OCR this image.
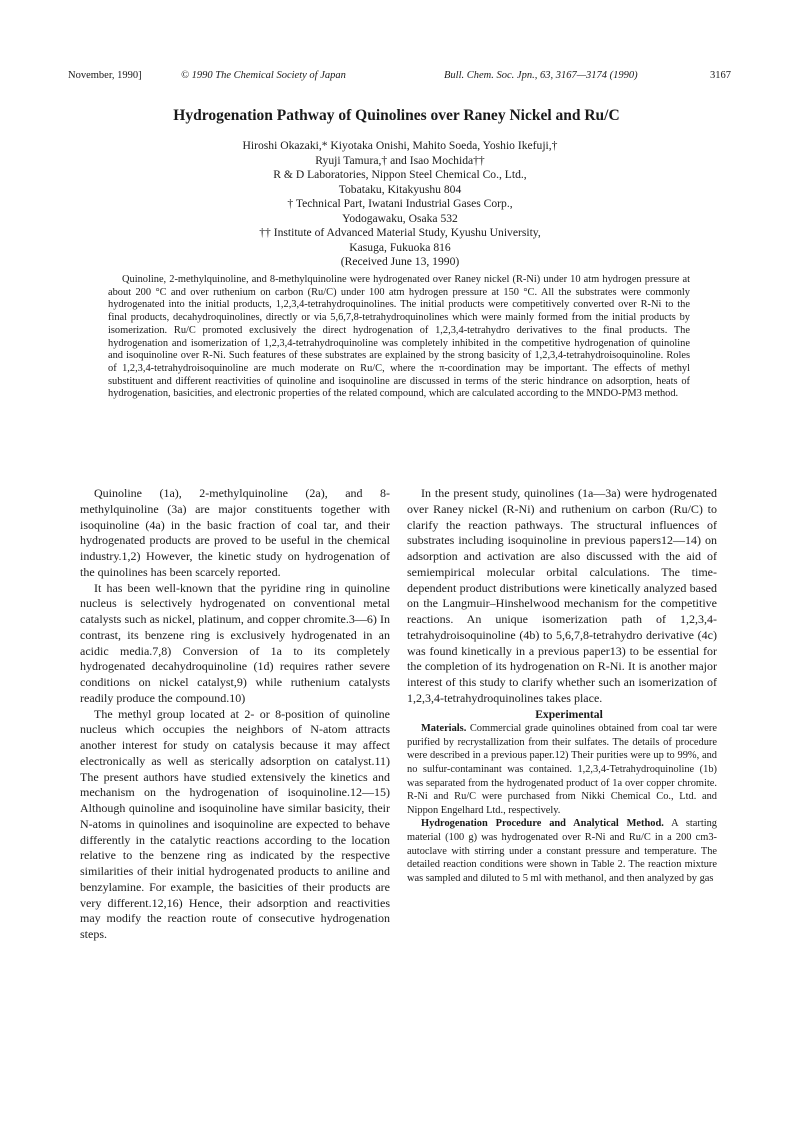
November, 1990]	© 1990 The Chemical Society of Japan	Bull. Chem. Soc. Jpn., 63, 3167—3174 (1990)	3167
Hydrogenation Pathway of Quinolines over Raney Nickel and Ru/C
Hiroshi Okazaki,* Kiyotaka Onishi, Mahito Soeda, Yoshio Ikefuji,†
Ryuji Tamura,† and Isao Mochida††
R & D Laboratories, Nippon Steel Chemical Co., Ltd.,
Tobataku, Kitakyushu 804
† Technical Part, Iwatani Industrial Gases Corp.,
Yodogawaku, Osaka 532
†† Institute of Advanced Material Study, Kyushu University,
Kasuga, Fukuoka 816
(Received June 13, 1990)
Quinoline, 2-methylquinoline, and 8-methylquinoline were hydrogenated over Raney nickel (R-Ni) under 10 atm hydrogen pressure at about 200 °C and over ruthenium on carbon (Ru/C) under 100 atm hydrogen pressure at 150 °C. All the substrates were commonly hydrogenated into the initial products, 1,2,3,4-tetrahydroquinolines. The initial products were competitively converted over R-Ni to the final products, decahydroquinolines, directly or via 5,6,7,8-tetrahydroquinolines which were mainly formed from the initial products by isomerization. Ru/C promoted exclusively the direct hydrogenation of 1,2,3,4-tetrahydro derivatives to the final products. The hydrogenation and isomerization of 1,2,3,4-tetrahydroquinoline was completely inhibited in the competitive hydrogenation of quinoline and isoquinoline over R-Ni. Such features of these substrates are explained by the strong basicity of 1,2,3,4-tetrahydroisoquinoline. Roles of 1,2,3,4-tetrahydroisoquinoline are much moderate on Ru/C, where the π-coordination may be important. The effects of methyl substituent and different reactivities of quinoline and isoquinoline are discussed in terms of the steric hindrance on adsorption, heats of hydrogenation, basicities, and electronic properties of the related compound, which are calculated according to the MNDO-PM3 method.

Quinoline (1a), 2-methylquinoline (2a), and 8-methylquinoline (3a) are major constituents together with isoquinoline (4a) in the basic fraction of coal tar, and their hydrogenated products are proved to be useful in the chemical industry.1,2) However, the kinetic study on hydrogenation of the quinolines has been scarcely reported.

It has been well-known that the pyridine ring in quinoline nucleus is selectively hydrogenated on conventional metal catalysts such as nickel, platinum, and copper chromite.3—6) In contrast, its benzene ring is exclusively hydrogenated in an acidic media.7,8) Conversion of 1a to its completely hydrogenated decahydroquinoline (1d) requires rather severe conditions on nickel catalyst,9) while ruthenium catalysts readily produce the compound.10)

The methyl group located at 2- or 8-position of quinoline nucleus which occupies the neighbors of N-atom attracts another interest for study on catalysis because it may affect electronically as well as sterically adsorption on catalyst.11) The present authors have studied extensively the kinetics and mechanism on the hydrogenation of isoquinoline.12—15) Although quinoline and isoquinoline have similar basicity, their N-atoms in quinolines and isoquinoline are expected to behave differently in the catalytic reactions according to the location relative to the benzene ring as indicated by the respective similarities of their initial hydrogenated products to aniline and benzylamine. For example, the basicities of their products are very different.12,16) Hence, their adsorption and reactivities may modify the reaction route of consecutive hydrogenation steps.

In the present study, quinolines (1a—3a) were hydrogenated over Raney nickel (R-Ni) and ruthenium on carbon (Ru/C) to clarify the reaction pathways. The structural influences of substrates including isoquinoline in previous papers12—14) on adsorption and activation are also discussed with the aid of semiempirical molecular orbital calculations. The time-dependent product distributions were kinetically analyzed based on the Langmuir–Hinshelwood mechanism for the competitive reactions. An unique isomerization path of 1,2,3,4-tetrahydroisoquinoline (4b) to 5,6,7,8-tetrahydro derivative (4c) was found kinetically in a previous paper13) to be essential for the completion of its hydrogenation on R-Ni. It is another major interest of this study to clarify whether such an isomerization of 1,2,3,4-tetrahydroquinolines takes place.

Experimental

Materials. Commercial grade quinolines obtained from coal tar were purified by recrystallization from their sulfates. The details of procedure were described in a previous paper.12) Their purities were up to 99%, and no sulfur-contaminant was contained. 1,2,3,4-Tetrahydroquinoline (1b) was separated from the hydrogenated product of 1a over copper chromite. R-Ni and Ru/C were purchased from Nikki Chemical Co., Ltd. and Nippon Engelhard Ltd., respectively.

Hydrogenation Procedure and Analytical Method. A starting material (100 g) was hydrogenated over R-Ni and Ru/C in a 200 cm3-autoclave with stirring under a constant pressure and temperature. The detailed reaction conditions were shown in Table 2. The reaction mixture was sampled and diluted to 5 ml with methanol, and then analyzed by gas
